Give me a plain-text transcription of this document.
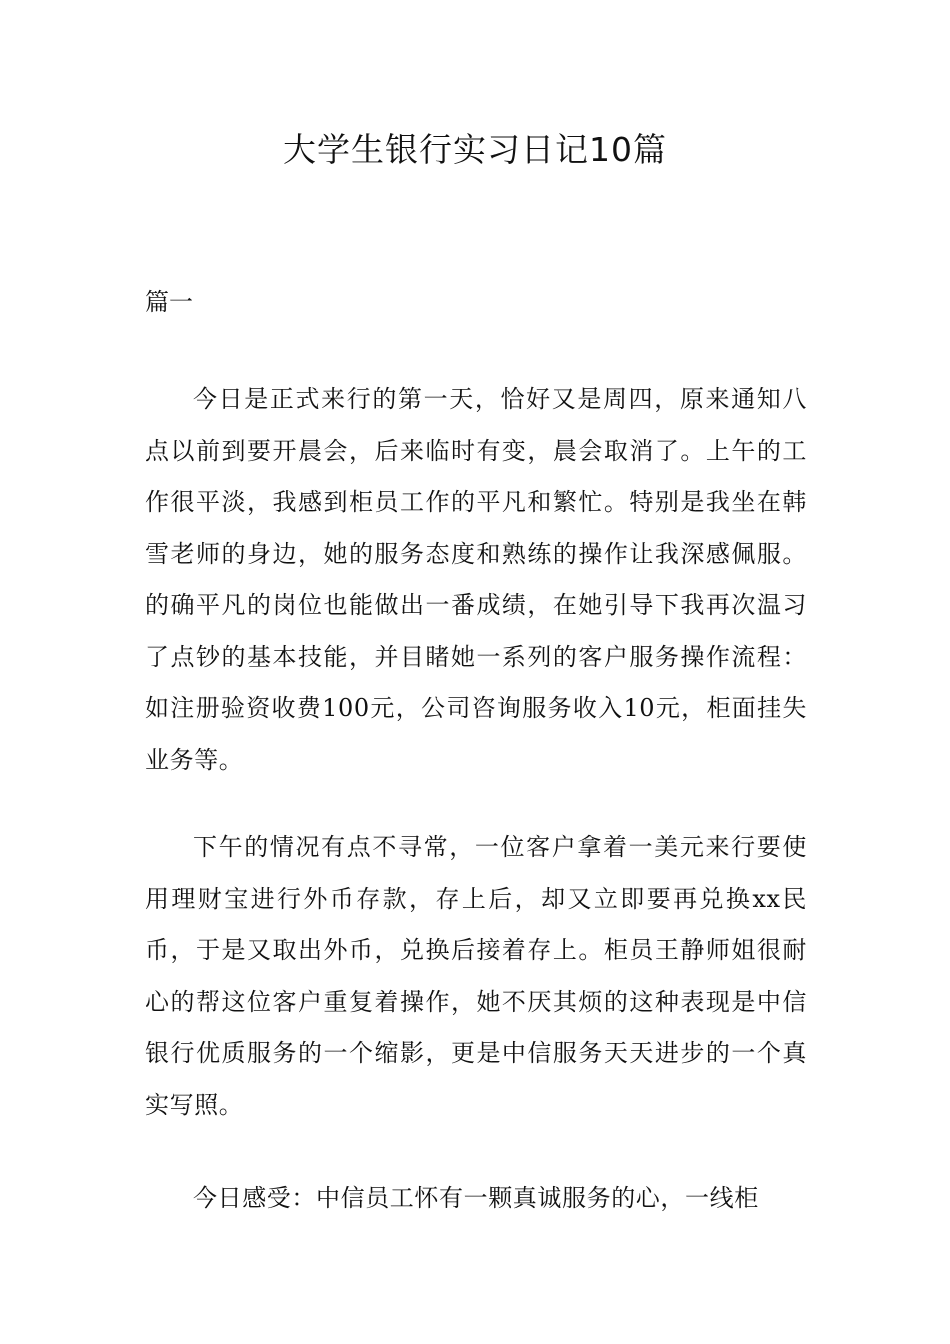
大学生银行实习日记10篇
篇一

今日是正式来行的第一天，恰好又是周四，原来通知八点以前到要开晨会，后来临时有变，晨会取消了。上午的工作很平淡，我感到柜员工作的平凡和繁忙。特别是我坐在韩雪老师的身边，她的服务态度和熟练的操作让我深感佩服。的确平凡的岗位也能做出一番成绩，在她引导下我再次温习了点钞的基本技能，并目睹她一系列的客户服务操作流程：如注册验资收费100元，公司咨询服务收入10元，柜面挂失业务等。

下午的情况有点不寻常，一位客户拿着一美元来行要使用理财宝进行外币存款，存上后，却又立即要再兑换xx民币，于是又取出外币，兑换后接着存上。柜员王静师姐很耐心的帮这位客户重复着操作，她不厌其烦的这种表现是中信银行优质服务的一个缩影，更是中信服务天天进步的一个真实写照。

今日感受：中信员工怀有一颗真诚服务的心，一线柜
